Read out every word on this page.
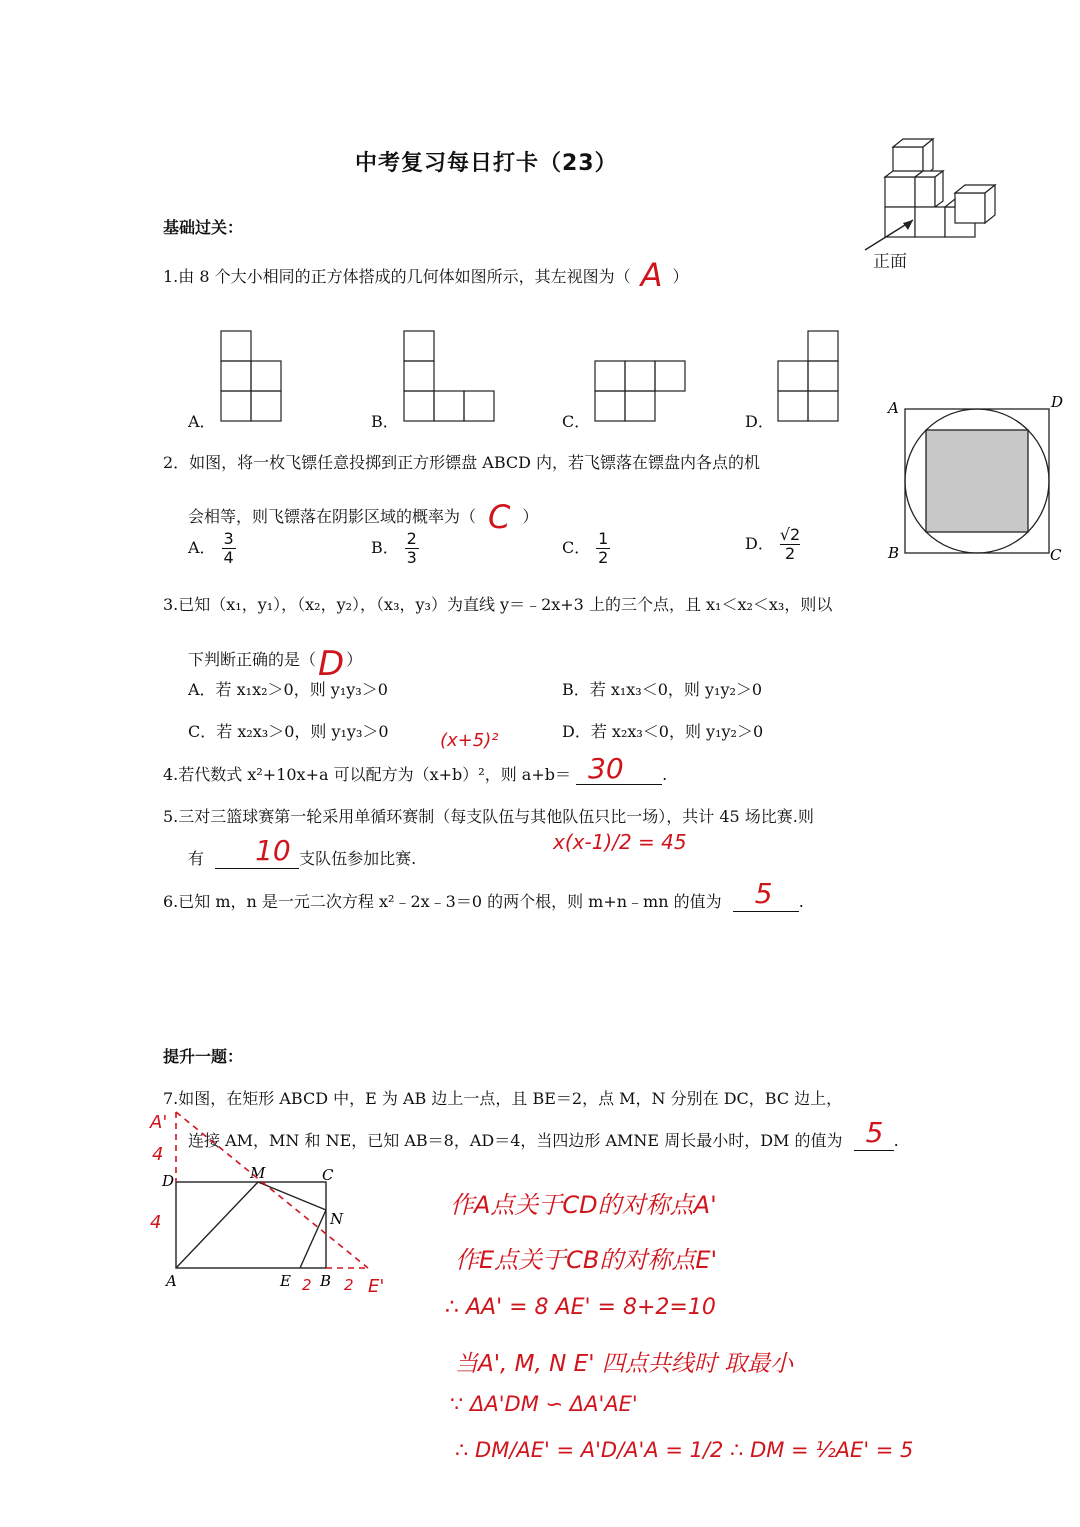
中考复习每日打卡（23）
正面
基础过关：
1.由 8 个大小相同的正方体搭成的几何体如图所示，其左视图为（ A ）
A．	B．	C．	D．
A	D
B	C
2．如图，将一枚飞镖任意投掷到正方形镖盘 ABCD 内，若飞镖落在镖盘内各点的机
会相等，则飞镖落在阴影区域的概率为（ C ）
A． $\frac{3}{4}$	B． $\frac{2}{3}$	C． $\frac{1}{2}$	D． $\frac{√2}{2}$
3.已知（x₁，y₁），（x₂，y₂），（x₃，y₃）为直线 y＝﹣2x+3 上的三个点，且 x₁＜x₂＜x₃，则以
下判断正确的是（D ）
A．若 x₁x₂＞0，则 y₁y₃＞0	B．若 x₁x₃＜0，则 y₁y₂＞0
C．若 x₂x₃＞0，则 y₁y₃＞0	D．若 x₂x₃＜0，则 y₁y₂＞0
(x+5)²
4.若代数式 x²+10x+a 可以配方为（x+b）²，则 a+b＝ 30 .
5.三对三篮球赛第一轮采用单循环赛制（每支队伍与其他队伍只比一场），共计 45 场比赛.则
有 10 支队伍参加比赛.
x(x-1)/2 = 45
6.已知 m，n 是一元二次方程 x²﹣2x﹣3＝0 的两个根，则 m+n﹣mn 的值为 5 .
提升一题：
7.如图，在矩形 ABCD 中，E 为 AB 边上一点，且 BE＝2，点 M，N 分别在 DC，BC 边上，
连接 AM，MN 和 NE，已知 AB＝8，AD＝4，当四边形 AMNE 周长最小时，DM 的值为 5 .
D	M	C
N
A	E B
A'
4
4
2 2 E'
作A点关于CD的对称点A'
作E点关于CB的对称点E'
∴ AA' = 8 AE' = 8+2=10
当A', M, N E' 四点共线时 取最小
∵ ΔA'DM ∽ ΔA'AE'
∴ DM/AE' = A'D/A'A = 1/2 ∴ DM = ½AE' = 5
